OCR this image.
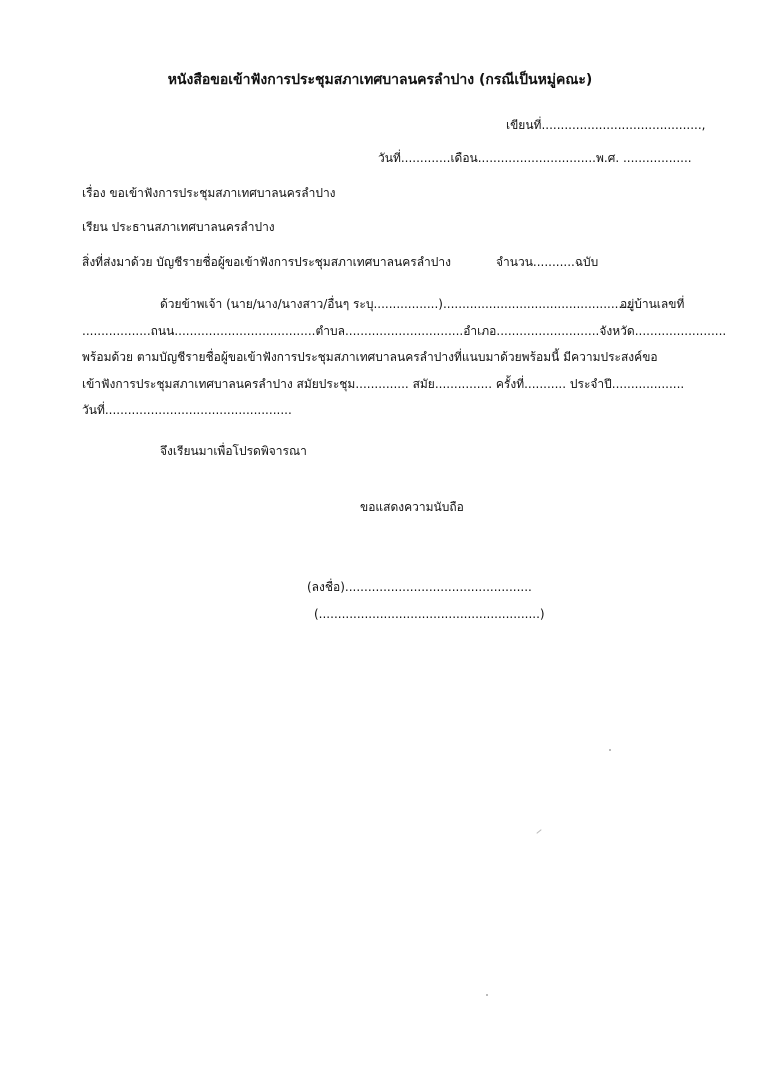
หนังสือขอเข้าฟังการประชุมสภาเทศบาลนครลำปาง (กรณีเป็นหมู่คณะ)
เขียนที่..........................................,
วันที่.............เดือน...............................พ.ศ. ..................
เรื่อง ขอเข้าฟังการประชุมสภาเทศบาลนครลำปาง
เรียน ประธานสภาเทศบาลนครลำปาง
สิ่งที่ส่งมาด้วย บัญชีรายชื่อผู้ขอเข้าฟังการประชุมสภาเทศบาลนครลำปาง	จำนวน...........ฉบับ
ด้วยข้าพเจ้า (นาย/นาง/นางสาว/อื่นๆ ระบุ.................)..................................................
อยู่บ้านเลขที่
..................ถนน.....................................ตำบล...............................อำเภอ...........................จังหวัด........................
พร้อมด้วย ตามบัญชีรายชื่อผู้ขอเข้าฟังการประชุมสภาเทศบาลนครลำปางที่แนบมาด้วยพร้อมนี้ มีความประสงค์ขอ
เข้าฟังการประชุมสภาเทศบาลนครลำปาง สมัยประชุม.............. สมัย............... ครั้งที่........... ประจำปี...................
วันที่.................................................
จึงเรียนมาเพื่อโปรดพิจารณา
ขอแสดงความนับถือ
(ลงชื่อ).................................................
(..........................................................)
